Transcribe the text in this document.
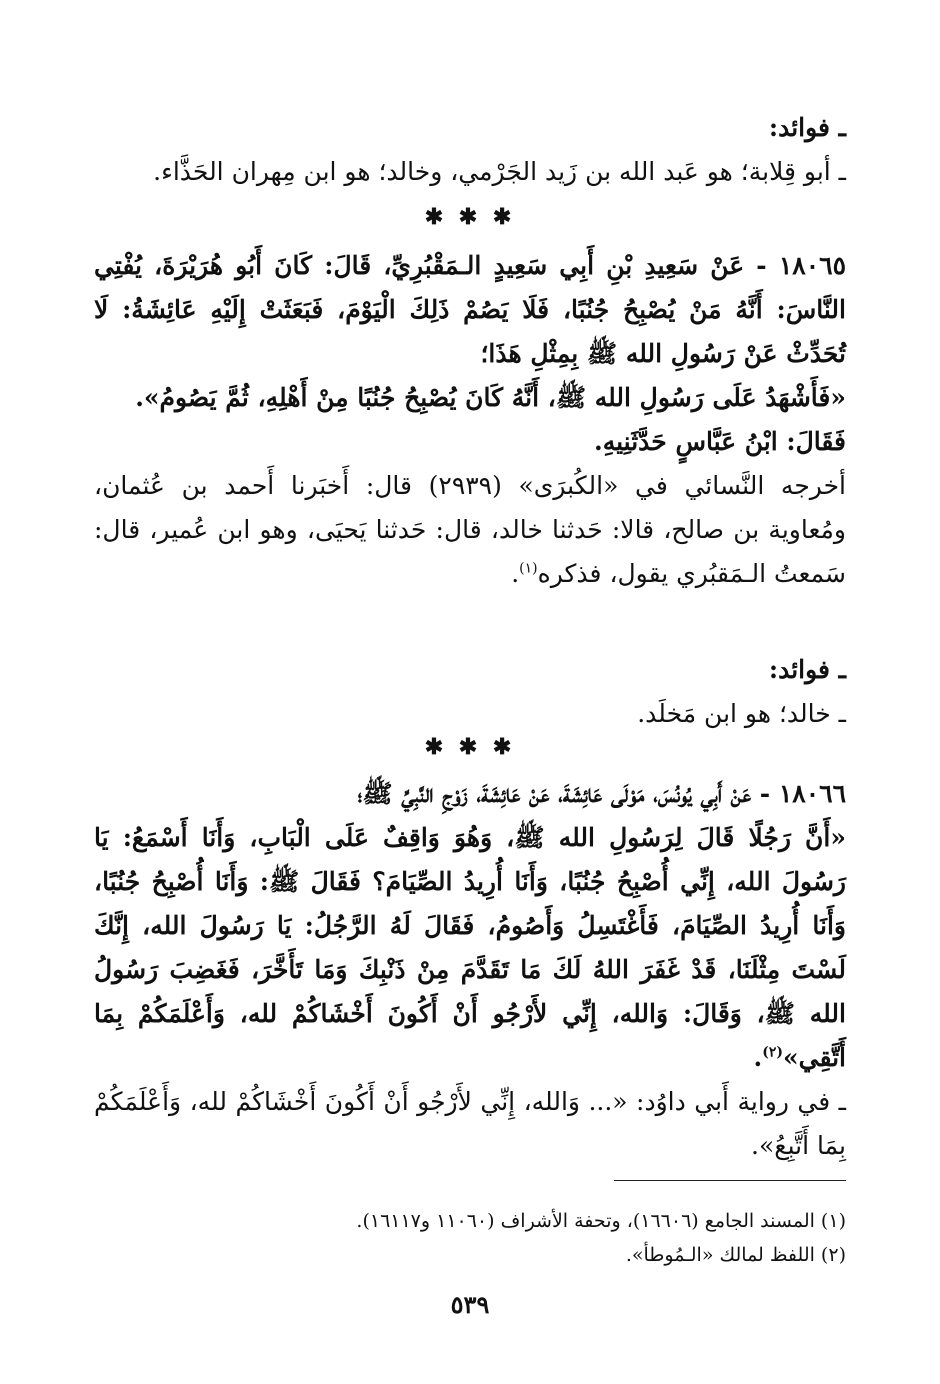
ـ فوائد:
ـ أبو قِلابة؛ هو عَبد الله بن زَيد الجَرْمي، وخالد؛ هو ابن مِهران الحَذَّاء.
✱ ✱ ✱
١٨٠٦٥ - عَنْ سَعِيدِ بْنِ أَبِي سَعِيدٍ الـمَقْبُرِيِّ، قَالَ: كَانَ أَبُو هُرَيْرَةَ، يُفْتِي النَّاسَ: أَنَّهُ مَنْ يُصْبِحُ جُنُبًا، فَلَا يَصُمْ ذَلِكَ الْيَوْمَ، فَبَعَثَتْ إِلَيْهِ عَائِشَةُ: لَا تُحَدِّثْ عَنْ رَسُولِ الله ﷺ بِمِثْلِ هَذَا؛
«فَأَشْهَدُ عَلَى رَسُولِ الله ﷺ، أَنَّهُ كَانَ يُصْبِحُ جُنُبًا مِنْ أَهْلِهِ، ثُمَّ يَصُومُ».
فَقَالَ: ابْنُ عَبَّاسٍ حَدَّثَنِيهِ.
أخرجه النَّسائي في «الكُبرَى» (٢٩٣٩) قال: أَخبَرنا أَحمد بن عُثمان، ومُعاوية بن صالح، قالا: حَدثنا خالد، قال: حَدثنا يَحيَى، وهو ابن عُمير، قال: سَمعتُ الـمَقبُري يقول، فذكره$^{(١)}$.
ـ فوائد:
ـ خالد؛ هو ابن مَخلَد.
✱ ✱ ✱
١٨٠٦٦ - عَنْ أَبِي يُونُسَ، مَوْلَى عَائِشَةَ، عَنْ عَائِشَةَ، زَوْجِ النَّبِيِّ ﷺ؛
«أَنَّ رَجُلًا قَالَ لِرَسُولِ الله ﷺ، وَهُوَ وَاقِفٌ عَلَى الْبَابِ، وَأَنَا أَسْمَعُ: يَا رَسُولَ الله، إِنِّي أُصْبِحُ جُنُبًا، وَأَنَا أُرِيدُ الصِّيَامَ؟ فَقَالَ ﷺ: وَأَنَا أُصْبِحُ جُنُبًا، وَأَنَا أُرِيدُ الصِّيَامَ، فَأَغْتَسِلُ وَأَصُومُ، فَقَالَ لَهُ الرَّجُلُ: يَا رَسُولَ الله، إِنَّكَ لَسْتَ مِثْلَنَا، قَدْ غَفَرَ اللهُ لَكَ مَا تَقَدَّمَ مِنْ ذَنْبِكَ وَمَا تَأَخَّرَ، فَغَضِبَ رَسُولُ الله ﷺ، وَقَالَ: وَالله، إِنِّي لأَرْجُو أَنْ أَكُونَ أَخْشَاكُمْ لله، وَأَعْلَمَكُمْ بِمَا أَتَّقِي»$^{(٢)}$.
ـ في رواية أَبي داوُد: «... وَالله، إِنِّي لأَرْجُو أَنْ أَكُونَ أَخْشَاكُمْ لله، وَأَعْلَمَكُمْ بِمَا أَتَّبِعُ».
(١) المسند الجامع (١٦٦٠٦)، وتحفة الأشراف (١١٠٦٠ و١٦١١٧).
(٢) اللفظ لمالك «الـمُوطأ».
٥٣٩
